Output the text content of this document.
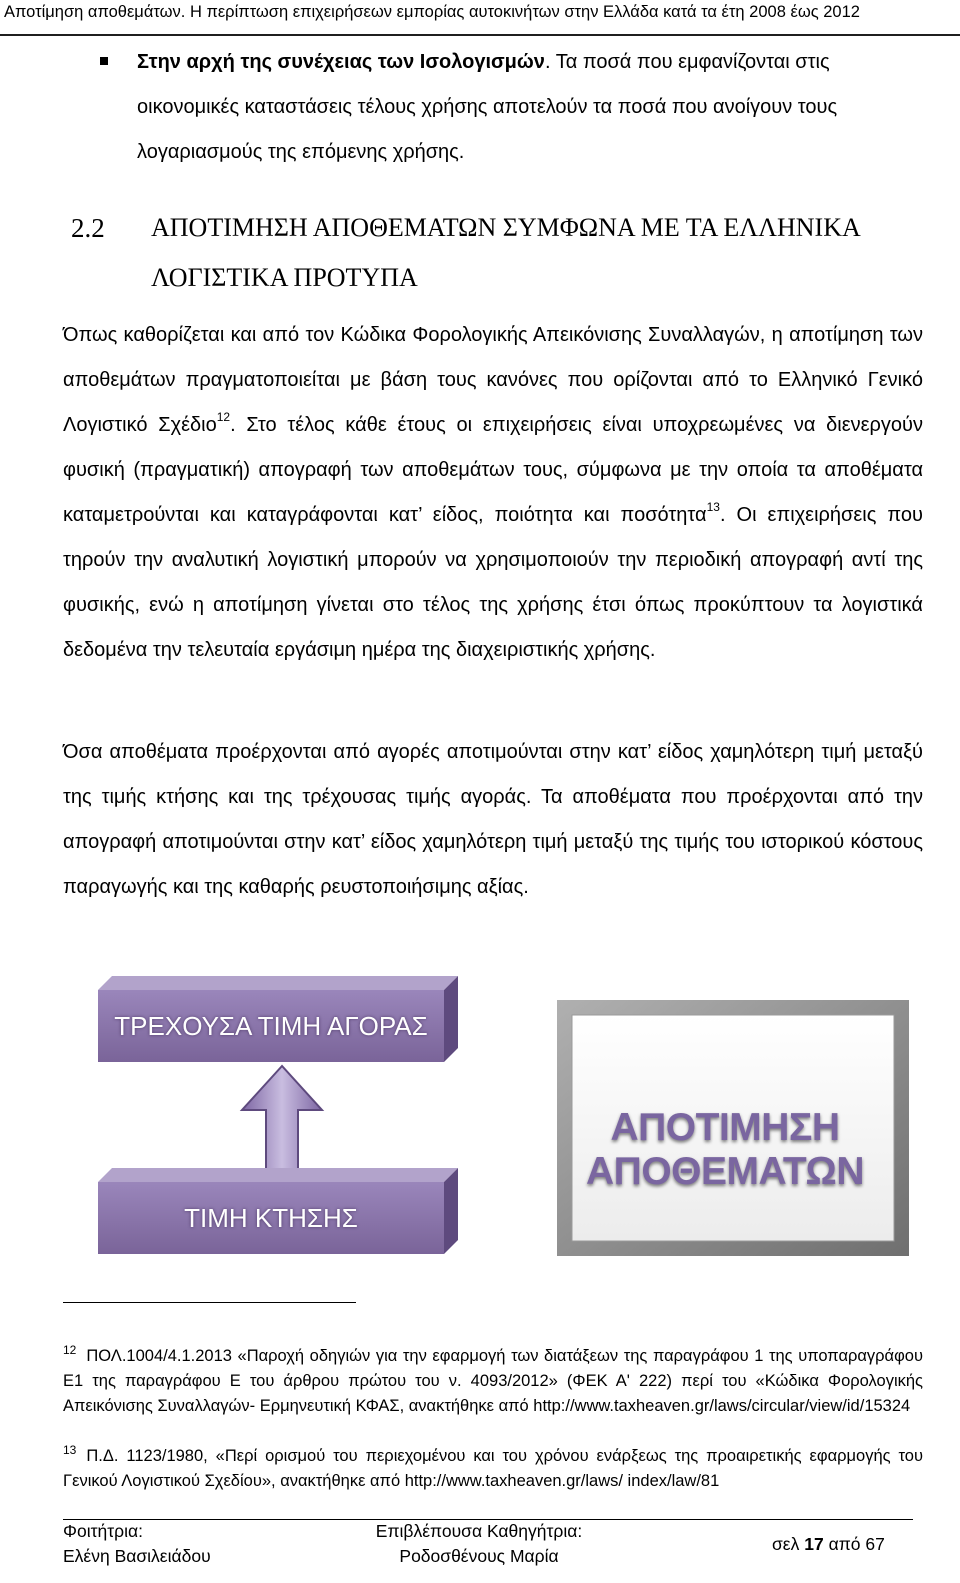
Αποτίμηση αποθεμάτων. Η περίπτωση επιχειρήσεων εμπορίας αυτοκινήτων στην Ελλάδα κατά τα έτη 2008 έως 2012

Στην αρχή της συνέχειας των Ισολογισμών. Τα ποσά που εμφανίζονται στις οικονομικές καταστάσεις τέλους χρήσης αποτελούν τα ποσά που ανοίγουν τους λογαριασμούς της επόμενης χρήσης.

2.2 ΑΠΟΤΙΜΗΣΗ ΑΠΟΘΕΜΑΤΩΝ ΣΥΜΦΩΝΑ ΜΕ ΤΑ ΕΛΛΗΝΙΚΑ ΛΟΓΙΣΤΙΚΑ ΠΡΟΤΥΠΑ

Όπως καθορίζεται και από τον Κώδικα Φορολογικής Απεικόνισης Συναλλαγών, η αποτίμηση των αποθεμάτων πραγματοποιείται με βάση τους κανόνες που ορίζονται από το Ελληνικό Γενικό Λογιστικό Σχέδιο$^{12}$. Στο τέλος κάθε έτους οι επιχειρήσεις είναι υποχρεωμένες να διενεργούν φυσική (πραγματική) απογραφή των αποθεμάτων τους, σύμφωνα με την οποία τα αποθέματα καταμετρούνται και καταγράφονται κατ’ είδος, ποιότητα και ποσότητα$^{13}$. Οι επιχειρήσεις που τηρούν την αναλυτική λογιστική μπορούν να χρησιμοποιούν την περιοδική απογραφή αντί της φυσικής, ενώ η αποτίμηση γίνεται στο τέλος της χρήσης έτσι όπως προκύπτουν τα λογιστικά δεδομένα την τελευταία εργάσιμη ημέρα της διαχειριστικής χρήσης.

Όσα αποθέματα προέρχονται από αγορές αποτιμούνται στην κατ’ είδος χαμηλότερη τιμή μεταξύ της τιμής κτήσης και της τρέχουσας τιμής αγοράς. Τα αποθέματα που προέρχονται από την απογραφή αποτιμούνται στην κατ’ είδος χαμηλότερη τιμή μεταξύ της τιμής του ιστορικού κόστους παραγωγής και της καθαρής ρευστοποιήσιμης αξίας.

ΤΡΕΧΟΥΣΑ ΤΙΜΗ ΑΓΟΡΑΣ
ΤΙΜΗ ΚΤΗΣΗΣ
ΑΠΟΤΙΜΗΣΗ
ΑΠΟΘΕΜΑΤΩΝ

$^{12}$ ΠΟΛ.1004/4.1.2013 «Παροχή οδηγιών για την εφαρμογή των διατάξεων της παραγράφου 1 της υποπαραγράφου Ε1 της παραγράφου Ε του άρθρου πρώτου του ν. 4093/2012» (ΦΕΚ Α' 222) περί του «Κώδικα Φορολογικής Απεικόνισης Συναλλαγών- Ερμηνευτική ΚΦΑΣ, ανακτήθηκε από http://www.taxheaven.gr/laws/circular/view/id/15324

$^{13}$ Π.Δ. 1123/1980, «Περί ορισμού του περιεχομένου και του χρόνου ενάρξεως της προαιρετικής εφαρμογής του Γενικού Λογιστικού Σχεδίου», ανακτήθηκε από http://www.taxheaven.gr/laws/ index/law/81

Φοιτήτρια:
Ελένη Βασιλειάδου
Επιβλέπουσα Καθηγήτρια:
Ροδοσθένους Μαρία
σελ 17 από 67
